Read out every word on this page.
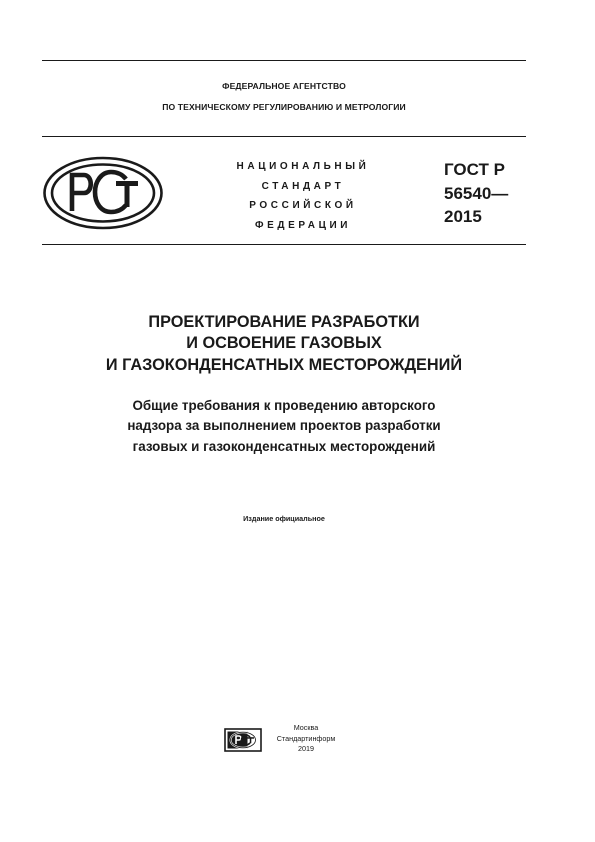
ФЕДЕРАЛЬНОЕ АГЕНТСТВО
ПО ТЕХНИЧЕСКОМУ РЕГУЛИРОВАНИЮ И МЕТРОЛОГИИ
НАЦИОНАЛЬНЫЙ
СТАНДАРТ
РОССИЙСКОЙ
ФЕДЕРАЦИИ
ГОСТ Р
56540—
2015
ПРОЕКТИРОВАНИЕ РАЗРАБОТКИ
И ОСВОЕНИЕ ГАЗОВЫХ
И ГАЗОКОНДЕНСАТНЫХ МЕСТОРОЖДЕНИЙ
Общие требования к проведению авторского
надзора за выполнением проектов разработки
газовых и газоконденсатных месторождений
Издание официальное
Москва
Стандартинформ
2019
